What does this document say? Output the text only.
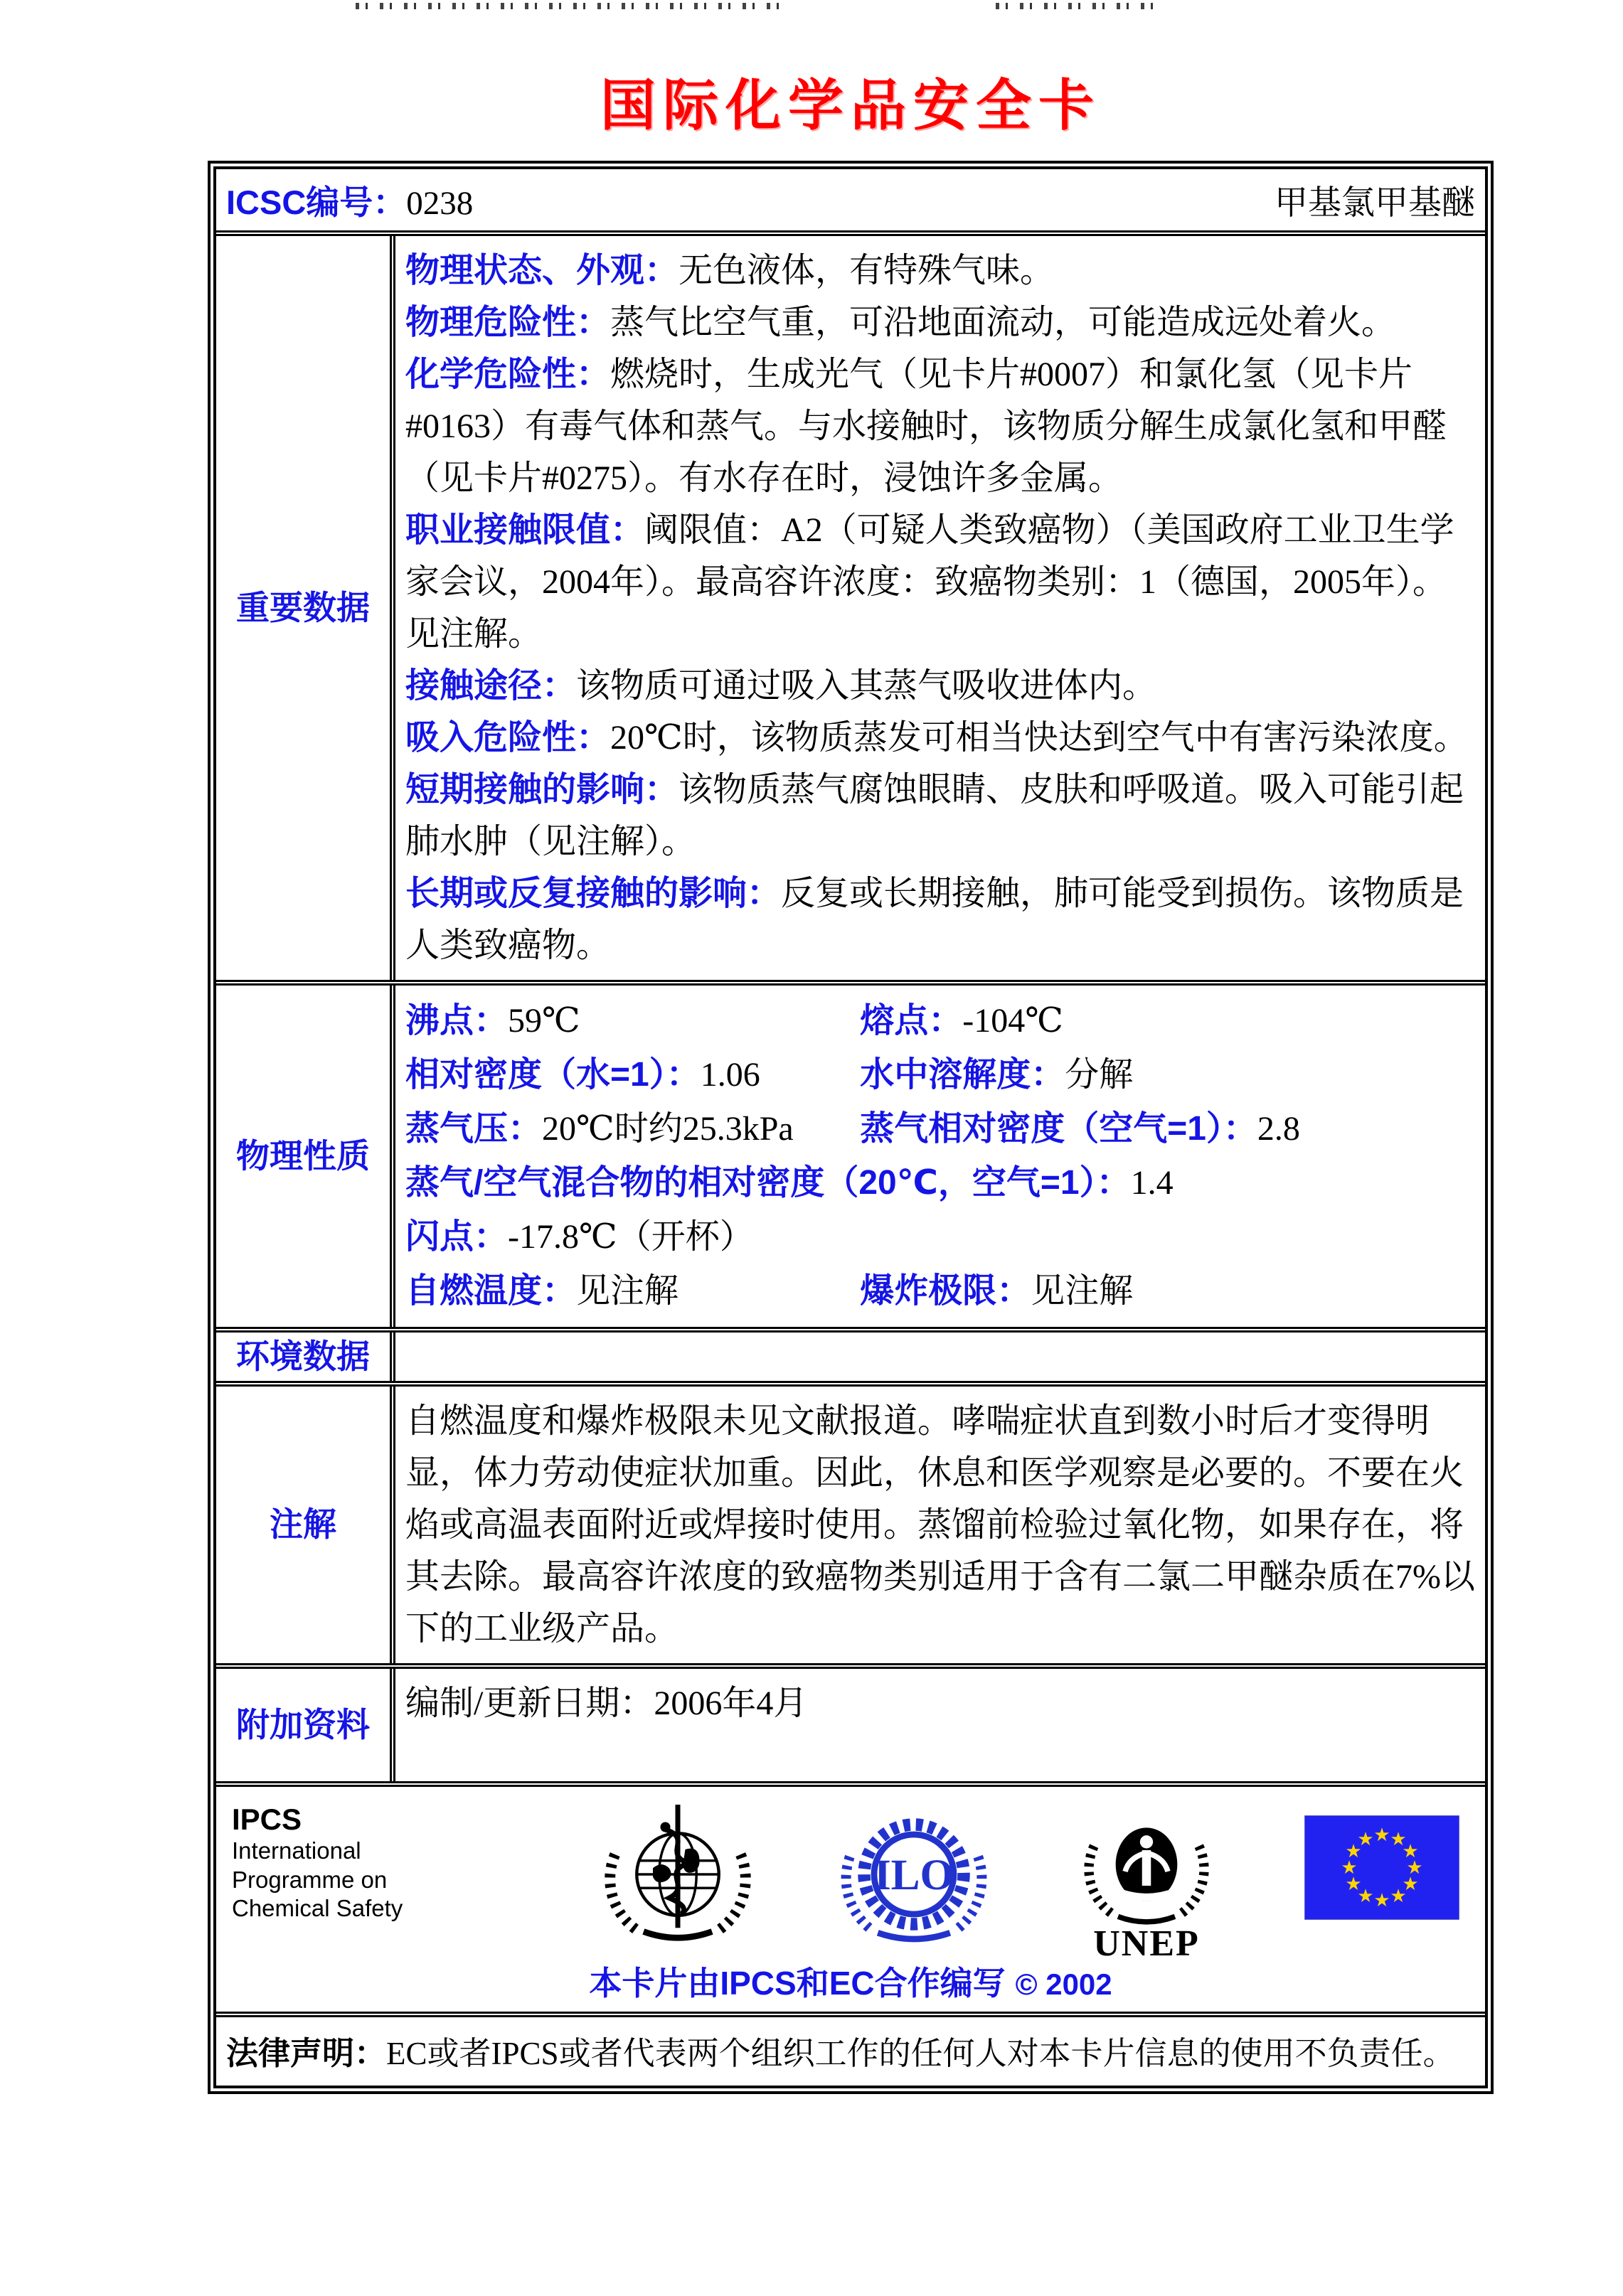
国际化学品安全卡
ICSC编号：0238	甲基氯甲基醚
重要数据
物理状态、外观：无色液体，有特殊气味。
物理危险性：蒸气比空气重，可沿地面流动，可能造成远处着火。
化学危险性：燃烧时，生成光气（见卡片#0007）和氯化氢（见卡片#0163）有毒气体和蒸气。与水接触时，该物质分解生成氯化氢和甲醛（见卡片#0275）。有水存在时，浸蚀许多金属。
职业接触限值：阈限值：A2（可疑人类致癌物）（美国政府工业卫生学家会议，2004年）。最高容许浓度：致癌物类别：1（德国，2005年）。见注解。
接触途径：该物质可通过吸入其蒸气吸收进体内。
吸入危险性：20℃时，该物质蒸发可相当快达到空气中有害污染浓度。
短期接触的影响：该物质蒸气腐蚀眼睛、皮肤和呼吸道。吸入可能引起肺水肿（见注解）。
长期或反复接触的影响：反复或长期接触，肺可能受到损伤。该物质是人类致癌物。
物理性质
沸点：59℃	熔点：-104℃
相对密度（水=1）：1.06	水中溶解度：分解
蒸气压：20℃时约25.3kPa	蒸气相对密度（空气=1）：2.8
蒸气/空气混合物的相对密度（20℃，空气=1）：1.4
闪点：-17.8℃（开杯）
自燃温度：见注解	爆炸极限：见注解
环境数据
注解
自燃温度和爆炸极限未见文献报道。哮喘症状直到数小时后才变得明显，体力劳动使症状加重。因此，休息和医学观察是必要的。不要在火焰或高温表面附近或焊接时使用。蒸馏前检验过氧化物，如果存在，将其去除。最高容许浓度的致癌物类别适用于含有二氯二甲醚杂质在7%以下的工业级产品。
附加资料
编制/更新日期：2006年4月
IPCS
International
Programme on
Chemical Safety
ILO
UNEP
★ ★
★
★
★
★
★
★
★
★
★
★
本卡片由IPCS和EC合作编写 © 2002
法律声明：EC或者IPCS或者代表两个组织工作的任何人对本卡片信息的使用不负责任。
